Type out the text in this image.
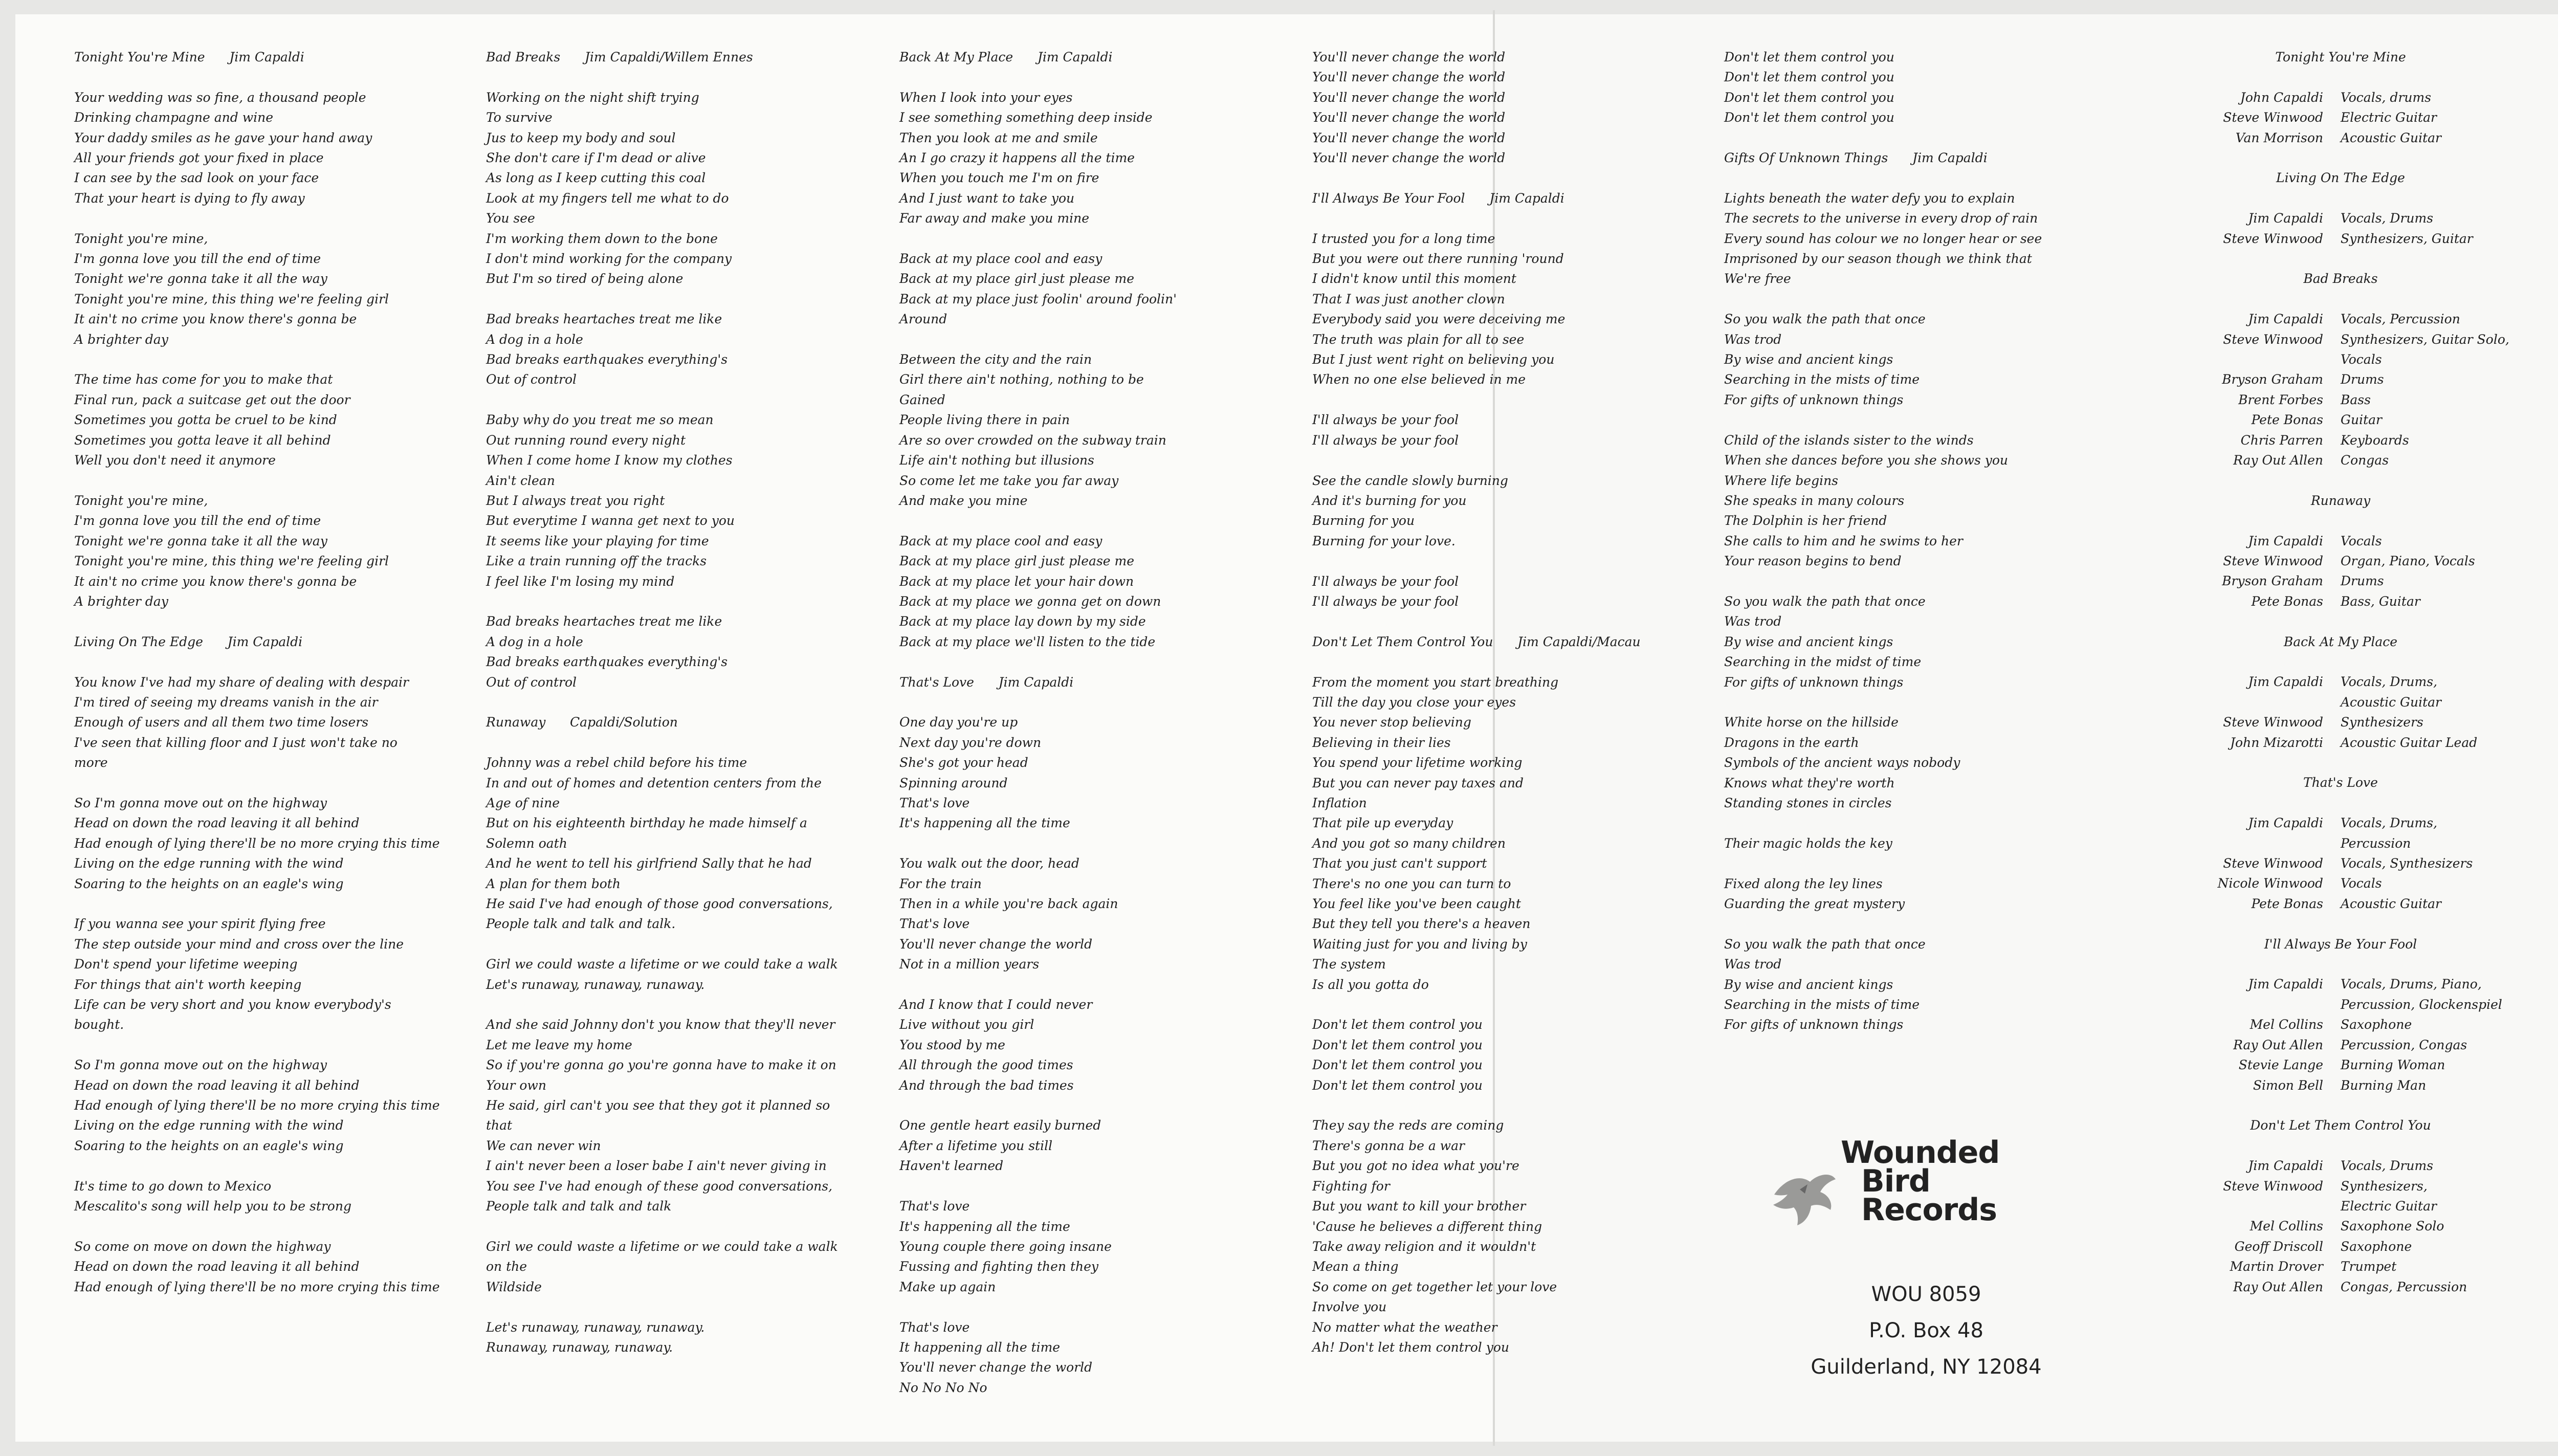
Tonight You're Mine      Jim Capaldi
Your wedding was so fine, a thousand people
Drinking champagne and wine
Your daddy smiles as he gave your hand away
All your friends got your fixed in place
I can see by the sad look on your face
That your heart is dying to fly away

Tonight you're mine,
I'm gonna love you till the end of time
Tonight we're gonna take it all the way
Tonight you're mine, this thing we're feeling girl
It ain't no crime you know there's gonna be
A brighter day

The time has come for you to make that
Final run, pack a suitcase get out the door
Sometimes you gotta be cruel to be kind
Sometimes you gotta leave it all behind
Well you don't need it anymore

Tonight you're mine,
I'm gonna love you till the end of time
Tonight we're gonna take it all the way
Tonight you're mine, this thing we're feeling girl
It ain't no crime you know there's gonna be
A brighter day
Living On The Edge      Jim Capaldi
You know I've had my share of dealing with despair
I'm tired of seeing my dreams vanish in the air
Enough of users and all them two time losers
I've seen that killing floor and I just won't take no
more

So I'm gonna move out on the highway
Head on down the road leaving it all behind
Had enough of lying there'll be no more crying this time
Living on the edge running with the wind
Soaring to the heights on an eagle's wing

If you wanna see your spirit flying free
The step outside your mind and cross over the line
Don't spend your lifetime weeping
For things that ain't worth keeping
Life can be very short and you know everybody's
bought.

So I'm gonna move out on the highway
Head on down the road leaving it all behind
Had enough of lying there'll be no more crying this time
Living on the edge running with the wind
Soaring to the heights on an eagle's wing

It's time to go down to Mexico
Mescalito's song will help you to be strong

So come on move on down the highway
Head on down the road leaving it all behind
Had enough of lying there'll be no more crying this time
Bad Breaks      Jim Capaldi/Willem Ennes
Working on the night shift trying
To survive
Jus to keep my body and soul
She don't care if I'm dead or alive
As long as I keep cutting this coal
Look at my fingers tell me what to do
You see
I'm working them down to the bone
I don't mind working for the company
But I'm so tired of being alone

Bad breaks heartaches treat me like
A dog in a hole
Bad breaks earthquakes everything's
Out of control

Baby why do you treat me so mean
Out running round every night
When I come home I know my clothes
Ain't clean
But I always treat you right
But everytime I wanna get next to you
It seems like your playing for time
Like a train running off the tracks
I feel like I'm losing my mind

Bad breaks heartaches treat me like
A dog in a hole
Bad breaks earthquakes everything's
Out of control
Runaway      Capaldi/Solution
Johnny was a rebel child before his time
In and out of homes and detention centers from the
Age of nine
But on his eighteenth birthday he made himself a
Solemn oath
And he went to tell his girlfriend Sally that he had
A plan for them both
He said I've had enough of those good conversations,
People talk and talk and talk.

Girl we could waste a lifetime or we could take a walk
Let's runaway, runaway, runaway.

And she said Johnny don't you know that they'll never
Let me leave my home
So if you're gonna go you're gonna have to make it on
Your own
He said, girl can't you see that they got it planned so
that
We can never win
I ain't never been a loser babe I ain't never giving in
You see I've had enough of these good conversations,
People talk and talk and talk

Girl we could waste a lifetime or we could take a walk
on the
Wildside

Let's runaway, runaway, runaway.
Runaway, runaway, runaway.
Back At My Place      Jim Capaldi
When I look into your eyes
I see something something deep inside
Then you look at me and smile
An I go crazy it happens all the time
When you touch me I'm on fire
And I just want to take you
Far away and make you mine

Back at my place cool and easy
Back at my place girl just please me
Back at my place just foolin' around foolin'
Around

Between the city and the rain
Girl there ain't nothing, nothing to be
Gained
People living there in pain
Are so over crowded on the subway train
Life ain't nothing but illusions
So come let me take you far away
And make you mine

Back at my place cool and easy
Back at my place girl just please me
Back at my place let your hair down
Back at my place we gonna get on down
Back at my place lay down by my side
Back at my place we'll listen to the tide
That's Love      Jim Capaldi
One day you're up
Next day you're down
She's got your head
Spinning around
That's love
It's happening all the time

You walk out the door, head
For the train
Then in a while you're back again
That's love
You'll never change the world
Not in a million years

And I know that I could never
Live without you girl
You stood by me
All through the good times
And through the bad times

One gentle heart easily burned
After a lifetime you still
Haven't learned

That's love
It's happening all the time
Young couple there going insane
Fussing and fighting then they
Make up again

That's love
It happening all the time
You'll never change the world
No No No No
You'll never change the world
You'll never change the world
You'll never change the world
You'll never change the world
You'll never change the world
You'll never change the world
I'll Always Be Your Fool      Jim Capaldi
I trusted you for a long time
But you were out there running 'round
I didn't know until this moment
That I was just another clown
Everybody said you were deceiving me
The truth was plain for all to see
But I just went right on believing you
When no one else believed in me

I'll always be your fool
I'll always be your fool

See the candle slowly burning
And it's burning for you
Burning for you
Burning for your love.

I'll always be your fool
I'll always be your fool
Don't Let Them Control You      Jim Capaldi/Macau
From the moment you start breathing
Till the day you close your eyes
You never stop believing
Believing in their lies
You spend your lifetime working
But you can never pay taxes and
Inflation
That pile up everyday
And you got so many children
That you just can't support
There's no one you can turn to
You feel like you've been caught
But they tell you there's a heaven
Waiting just for you and living by
The system
Is all you gotta do

Don't let them control you
Don't let them control you
Don't let them control you
Don't let them control you

They say the reds are coming
There's gonna be a war
But you got no idea what you're
Fighting for
But you want to kill your brother
'Cause he believes a different thing
Take away religion and it wouldn't
Mean a thing
So come on get together let your love
Involve you
No matter what the weather
Ah! Don't let them control you
Don't let them control you
Don't let them control you
Don't let them control you
Don't let them control you
Gifts Of Unknown Things      Jim Capaldi
Lights beneath the water defy you to explain
The secrets to the universe in every drop of rain
Every sound has colour we no longer hear or see
Imprisoned by our season though we think that
We're free

So you walk the path that once
Was trod
By wise and ancient kings
Searching in the mists of time
For gifts of unknown things

Child of the islands sister to the winds
When she dances before you she shows you
Where life begins
She speaks in many colours
The Dolphin is her friend
She calls to him and he swims to her
Your reason begins to bend

So you walk the path that once
Was trod
By wise and ancient kings
Searching in the midst of time
For gifts of unknown things

White horse on the hillside
Dragons in the earth
Symbols of the ancient ways nobody
Knows what they're worth
Standing stones in circles

Their magic holds the key

Fixed along the ley lines
Guarding the great mystery

So you walk the path that once
Was trod
By wise and ancient kings
Searching in the mists of time
For gifts of unknown things
Tonight You're Mine
John Capaldi	Vocals, drums
Steve Winwood	Electric Guitar
Van Morrison	Acoustic Guitar
Living On The Edge
Jim Capaldi	Vocals, Drums
Steve Winwood	Synthesizers, Guitar
Bad Breaks
Jim Capaldi	Vocals, Percussion
Steve Winwood	Synthesizers, Guitar Solo,
Vocals
Bryson Graham	Drums
Brent Forbes	Bass
Pete Bonas	Guitar
Chris Parren	Keyboards
Ray Out Allen	Congas
Runaway
Jim Capaldi	Vocals
Steve Winwood	Organ, Piano, Vocals
Bryson Graham	Drums
Pete Bonas	Bass, Guitar
Back At My Place
Jim Capaldi	Vocals, Drums,
Acoustic Guitar
Steve Winwood	Synthesizers
John Mizarotti	Acoustic Guitar Lead
That's Love
Jim Capaldi	Vocals, Drums,
Percussion
Steve Winwood	Vocals, Synthesizers
Nicole Winwood	Vocals
Pete Bonas	Acoustic Guitar
I'll Always Be Your Fool
Jim Capaldi	Vocals, Drums, Piano,
Percussion, Glockenspiel
Mel Collins	Saxophone
Ray Out Allen	Percussion, Congas
Stevie Lange	Burning Woman
Simon Bell	Burning Man
Don't Let Them Control You
Jim Capaldi	Vocals, Drums
Steve Winwood	Synthesizers,
Electric Guitar
Mel Collins	Saxophone Solo
Geoff Driscoll	Saxophone
Martin Drover	Trumpet
Ray Out Allen	Congas, Percussion
Wounded
Bird
Records
WOU 8059
P.O. Box 48
Guilderland, NY 12084
